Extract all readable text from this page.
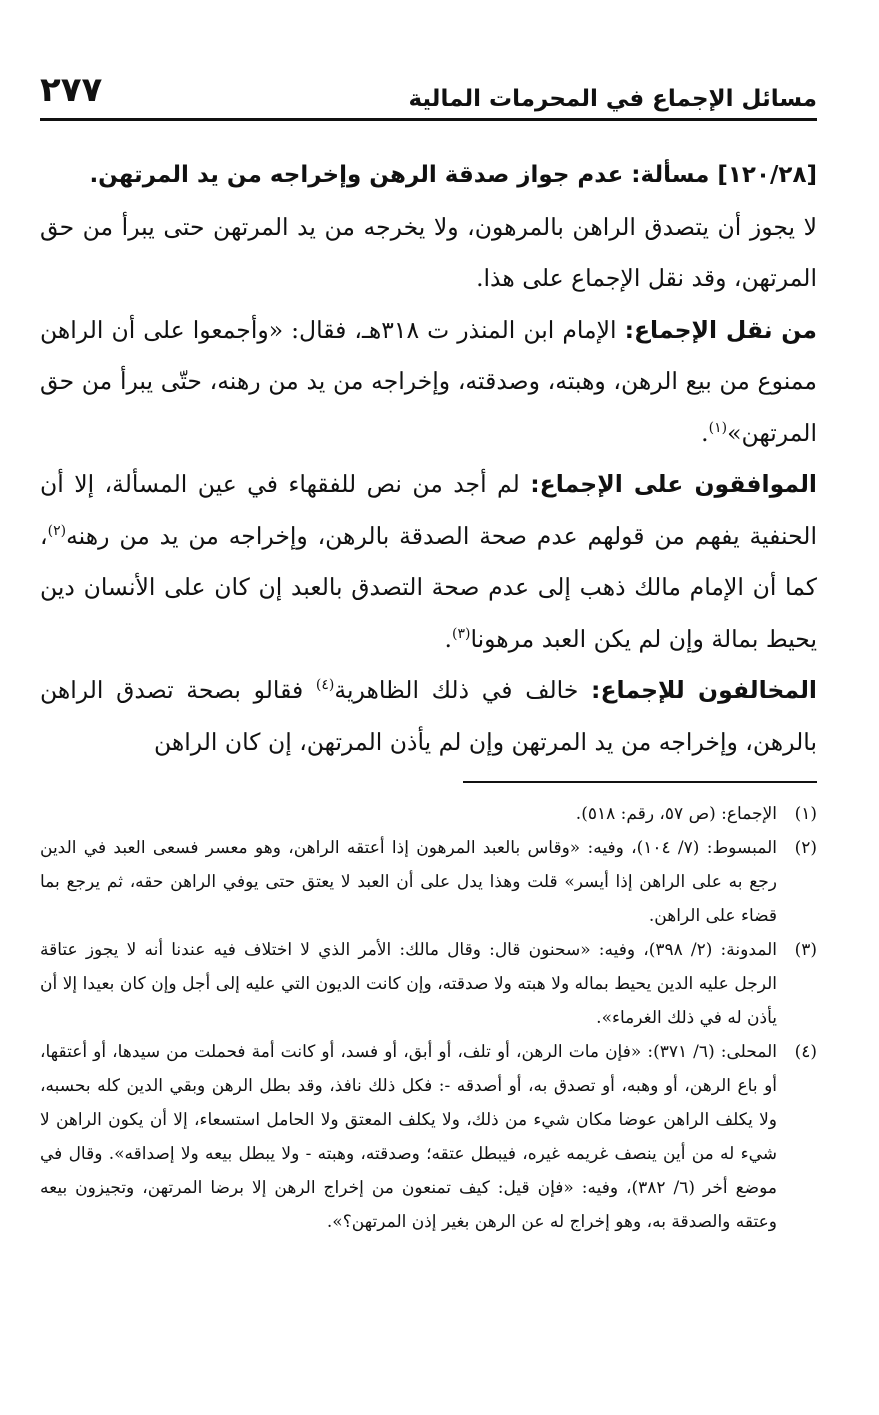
مسائل الإجماع في المحرمات المالية
٢٧٧

[١٢٠/٢٨] مسألة: عدم جواز صدقة الرهن وإخراجه من يد المرتهن.

لا يجوز أن يتصدق الراهن بالمرهون، ولا يخرجه من يد المرتهن حتى يبرأ من حق المرتهن، وقد نقل الإجماع على هذا.

من نقل الإجماع: الإمام ابن المنذر ت ٣١٨هـ، فقال: «وأجمعوا على أن الراهن ممنوع من بيع الرهن، وهبته، وصدقته، وإخراجه من يد من رهنه، حتّى يبرأ من حق المرتهن»$^{(١)}$.

الموافقون على الإجماع: لم أجد من نص للفقهاء في عين المسألة، إلا أن الحنفية يفهم من قولهم عدم صحة الصدقة بالرهن، وإخراجه من يد من رهنه$^{(٢)}$، كما أن الإمام مالك ذهب إلى عدم صحة التصدق بالعبد إن كان على الأنسان دين يحيط بمالة وإن لم يكن العبد مرهونا$^{(٣)}$.

المخالفون للإجماع: خالف في ذلك الظاهرية$^{(٤)}$ فقالو بصحة تصدق الراهن بالرهن، وإخراجه من يد المرتهن وإن لم يأذن المرتهن، إن كان الراهن

(١)
الإجماع: (ص ٥٧، رقم: ٥١٨).

(٢)
المبسوط: (٧/ ١٠٤)، وفيه: «وقاس بالعبد المرهون إذا أعتقه الراهن، وهو معسر فسعى العبد في الدين رجع به على الراهن إذا أيسر» قلت وهذا يدل على أن العبد لا يعتق حتى يوفي الراهن حقه، ثم يرجع بما قضاء على الراهن.

(٣)
المدونة: (٢/ ٣٩٨)، وفيه: «سحنون قال: وقال مالك: الأمر الذي لا اختلاف فيه عندنا أنه لا يجوز عتاقة الرجل عليه الدين يحيط بماله ولا هبته ولا صدقته، وإن كانت الديون التي عليه إلى أجل وإن كان بعيدا إلا أن يأذن له في ذلك الغرماء».

(٤)
المحلى: (٦/ ٣٧١): «فإن مات الرهن، أو تلف، أو أبق، أو فسد، أو كانت أمة فحملت من سيدها، أو أعتقها، أو باع الرهن، أو وهبه، أو تصدق به، أو أصدقه -: فكل ذلك نافذ، وقد بطل الرهن وبقي الدين كله بحسبه، ولا يكلف الراهن عوضا مكان شيء من ذلك، ولا يكلف المعتق ولا الحامل استسعاء، إلا أن يكون الراهن لا شيء له من أين ينصف غريمه غيره، فيبطل عتقه؛ وصدقته، وهبته - ولا يبطل بيعه ولا إصداقه». وقال في موضع أخر (٦/ ٣٨٢)، وفيه: «فإن قيل: كيف تمنعون من إخراج الرهن إلا برضا المرتهن، وتجيزون بيعه وعتقه والصدقة به، وهو إخراج له عن الرهن بغير إذن المرتهن؟».
